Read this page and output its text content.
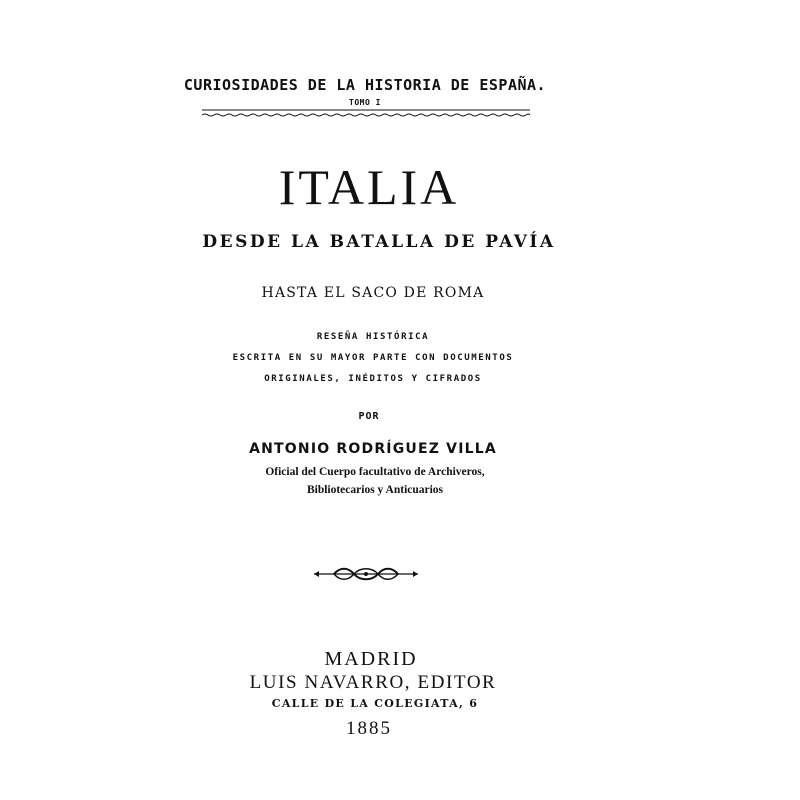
CURIOSIDADES DE LA HISTORIA DE ESPAÑA.
TOMO I
ITALIA
DESDE LA BATALLA DE PAVÍA
HASTA EL SACO DE ROMA
RESEÑA HISTÓRICA
ESCRITA EN SU MAYOR PARTE CON DOCUMENTOS
ORIGINALES, INÉDITOS Y CIFRADOS
POR
ANTONIO RODRÍGUEZ VILLA
Oficial del Cuerpo facultativo de Archiveros,
Bibliotecarios y Anticuarios
MADRID
LUIS NAVARRO, EDITOR
CALLE DE LA COLEGIATA, 6
1885
